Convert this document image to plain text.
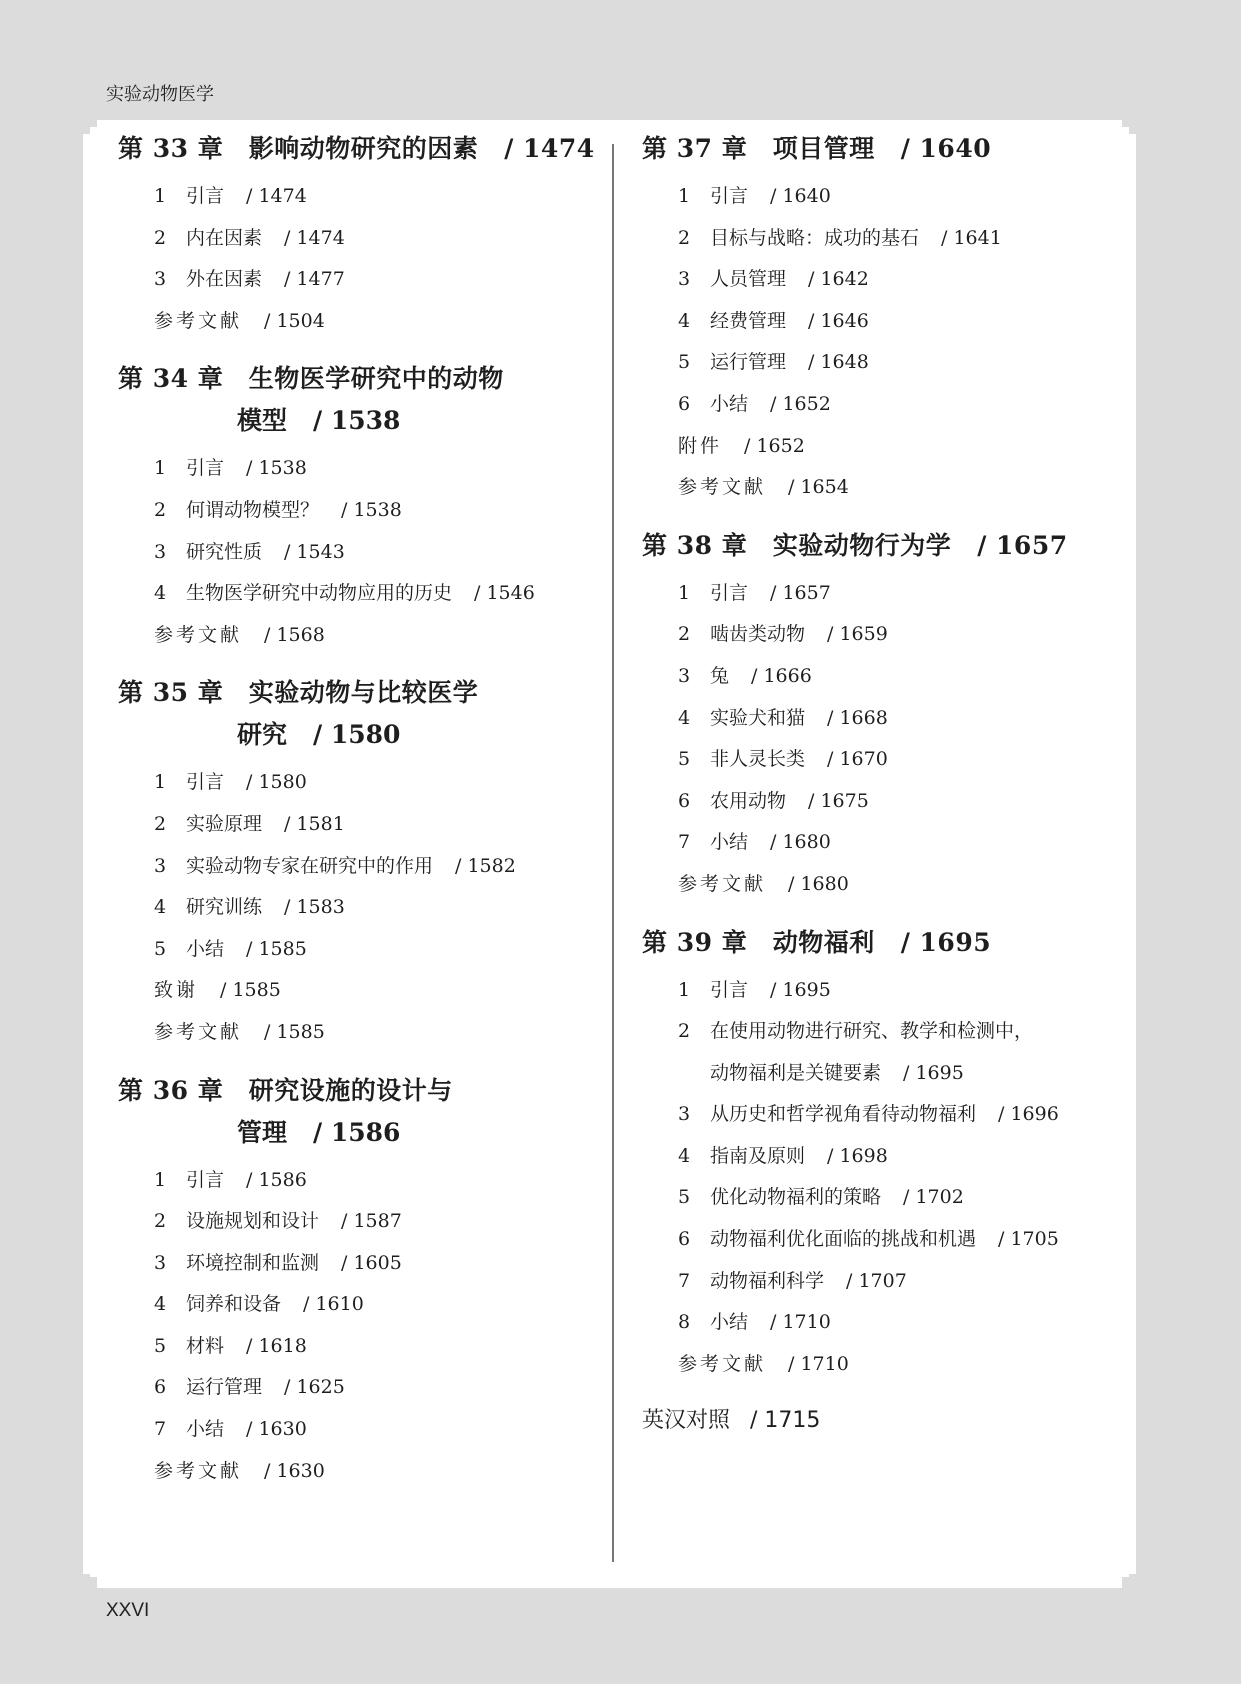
实验动物医学
第 33 章　影响动物研究的因素 / 1474
1 引言 / 1474
2 内在因素 / 1474
3 外在因素 / 1477
参考文献 / 1504
第 34 章　生物医学研究中的动物
模型 / 1538
1 引言 / 1538
2 何谓动物模型？ / 1538
3 研究性质 / 1543
4 生物医学研究中动物应用的历史 / 1546
参考文献 / 1568
第 35 章　实验动物与比较医学
研究 / 1580
1 引言 / 1580
2 实验原理 / 1581
3 实验动物专家在研究中的作用 / 1582
4 研究训练 / 1583
5 小结 / 1585
致谢 / 1585
参考文献 / 1585
第 36 章　研究设施的设计与
管理 / 1586
1 引言 / 1586
2 设施规划和设计 / 1587
3 环境控制和监测 / 1605
4 饲养和设备 / 1610
5 材料 / 1618
6 运行管理 / 1625
7 小结 / 1630
参考文献 / 1630
第 37 章　项目管理 / 1640
1 引言 / 1640
2 目标与战略：成功的基石 / 1641
3 人员管理 / 1642
4 经费管理 / 1646
5 运行管理 / 1648
6 小结 / 1652
附件 / 1652
参考文献 / 1654
第 38 章　实验动物行为学 / 1657
1 引言 / 1657
2 啮齿类动物 / 1659
3 兔 / 1666
4 实验犬和猫 / 1668
5 非人灵长类 / 1670
6 农用动物 / 1675
7 小结 / 1680
参考文献 / 1680
第 39 章　动物福利 / 1695
1 引言 / 1695
2 在使用动物进行研究、教学和检测中，
动物福利是关键要素 / 1695
3 从历史和哲学视角看待动物福利 / 1696
4 指南及原则 / 1698
5 优化动物福利的策略 / 1702
6 动物福利优化面临的挑战和机遇 / 1705
7 动物福利科学 / 1707
8 小结 / 1710
参考文献 / 1710
英汉对照 / 1715
XXVI
